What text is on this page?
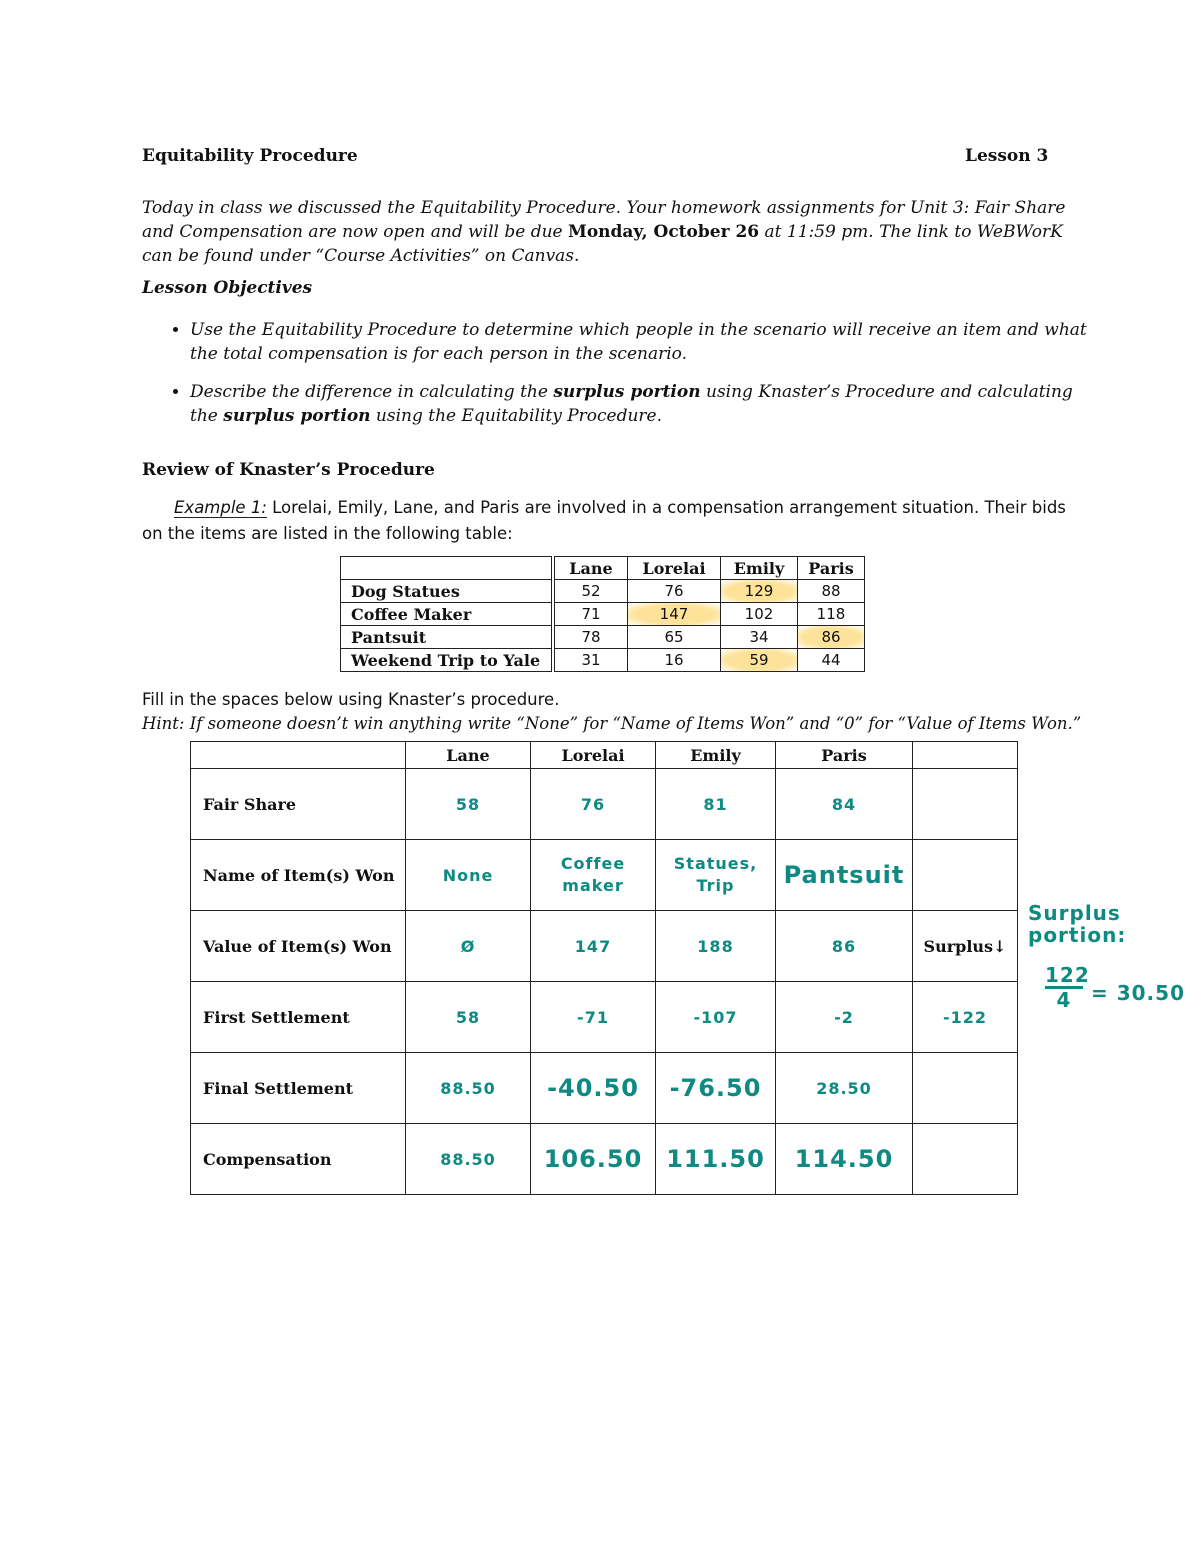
Equitability Procedure	Lesson 3
Today in class we discussed the Equitability Procedure. Your homework assignments for Unit 3: Fair Share and Compensation are now open and will be due Monday, October 26 at 11:59 pm. The link to WeBWorK can be found under “Course Activities” on Canvas.
Lesson Objectives
• Use the Equitability Procedure to determine which people in the scenario will receive an item and what the total compensation is for each person in the scenario.
• Describe the difference in calculating the surplus portion using Knaster’s Procedure and calculating the surplus portion using the Equitability Procedure.
Review of Knaster’s Procedure
Example 1: Lorelai, Emily, Lane, and Paris are involved in a compensation arrangement situation. Their bids on the items are listed in the following table:
	Lane	Lorelai	Emily	Paris
Dog Statues	52	76	129	88
Coffee Maker	71	147	102	118
Pantsuit	78	65	34	86
Weekend Trip to Yale	31	16	59	44
Fill in the spaces below using Knaster’s procedure.
Hint: If someone doesn’t win anything write “None” for “Name of Items Won” and “0” for “Value of Items Won.”
	Lane	Lorelai	Emily	Paris	
Fair Share	58	76	81	84	
Name of Item(s) Won	None	Coffee maker	Statues, Trip	Pantsuit	
Value of Item(s) Won	Ø	147	188	86	Surplus↓
First Settlement	58	-71	-107	-2	-122
Final Settlement	88.50	-40.50	-76.50	28.50	
Compensation	88.50	106.50	111.50	114.50	
Surplus
portion:
122
4 = 30.50
